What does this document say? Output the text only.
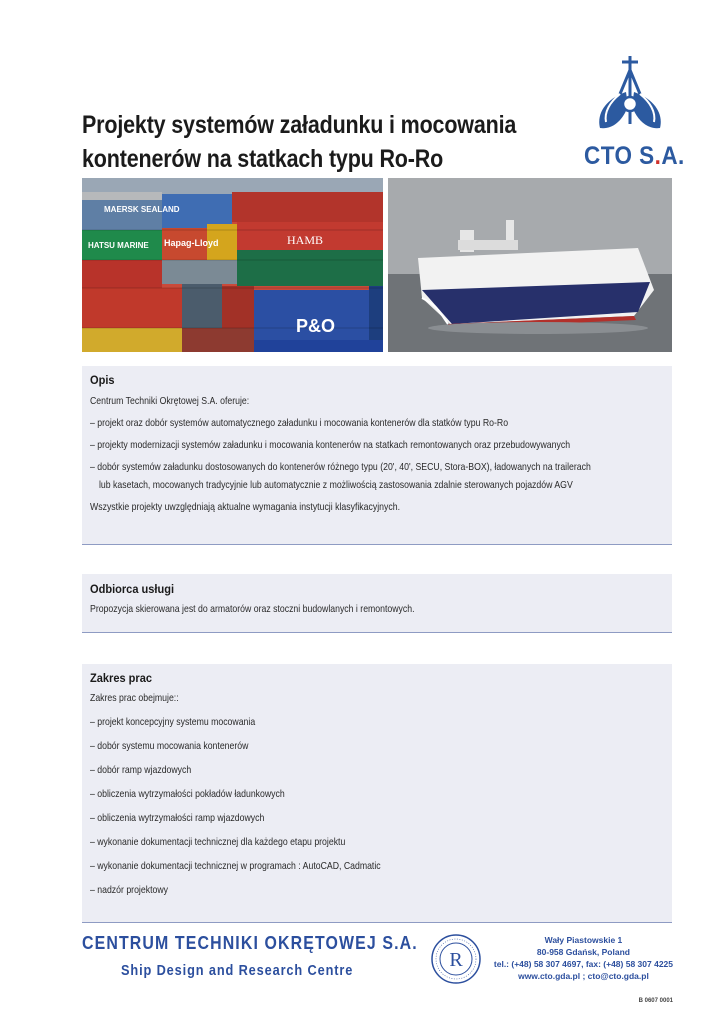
Projekty systemów załadunku i mocowania
kontenerów na statkach typu Ro-Ro	CTO S.A.
MAERSK SEALAND
HATSU MARINE Hapag-Lloyd	HAMB
P&O
Opis
Centrum Techniki Okrętowej S.A. oferuje:
– projekt oraz dobór systemów automatycznego załadunku i mocowania kontenerów dla statków typu Ro-Ro
– projekty modernizacji systemów załadunku i mocowania kontenerów na statkach remontowanych oraz przebudowywanych
– dobór systemów załadunku dostosowanych do kontenerów różnego typu (20', 40', SECU, Stora-BOX), ładowanych na trailerach
lub kasetach, mocowanych tradycyjnie lub automatycznie z możliwością zastosowania zdalnie sterowanych pojazdów AGV
Wszystkie projekty uwzględniają aktualne wymagania instytucji klasyfikacyjnych.
Odbiorca usługi
Propozycja skierowana jest do armatorów oraz stoczni budowlanych i remontowych.
Zakres prac
Zakres prac obejmuje::
– projekt koncepcyjny systemu mocowania
– dobór systemu mocowania kontenerów
– dobór ramp wjazdowych
– obliczenia wytrzymałości pokładów ładunkowych
– obliczenia wytrzymałości ramp wjazdowych
– wykonanie dokumentacji technicznej dla każdego etapu projektu
– wykonanie dokumentacji technicznej w programach : AutoCAD, Cadmatic
– nadzór projektowy
CENTRUM TECHNIKI OKRĘTOWEJ S.A.
Ship Design and Research Centre	R
Wały Piastowskie 1
80-958 Gdańsk, Poland
tel.: (+48) 58 307 4697, fax: (+48) 58 307 4225
www.cto.gda.pl ; cto@cto.gda.pl
B 0607 0001
